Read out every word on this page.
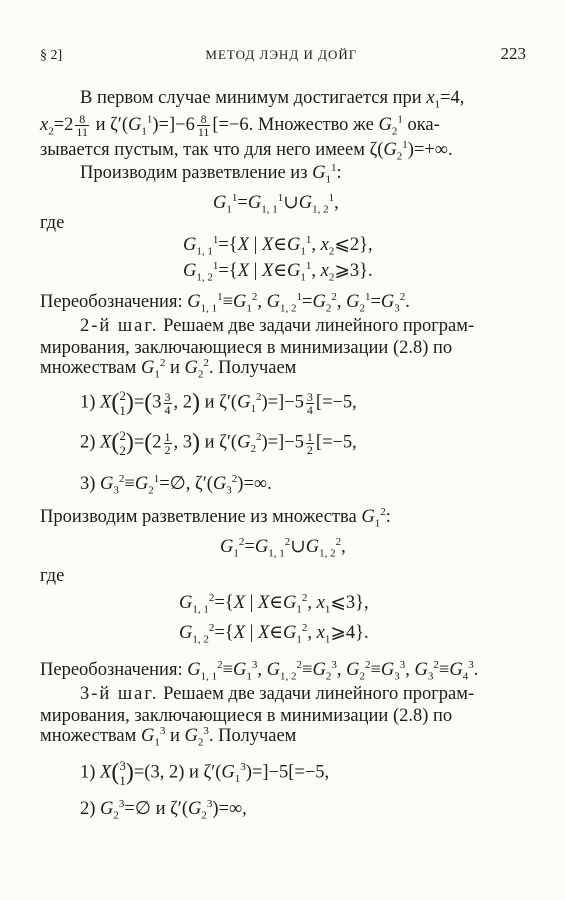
§ 2]	МЕТОД ЛЭНД И ДОЙГ	223
В первом случае минимум достигается при $x_1=4$,
$x_2=2 \frac{8}{11}$ и $\zeta'(G_1^1)=]-6 \frac{8}{11} [=-6$. Множество же $G_2^1$ ока-
зывается пустым, так что для него имеем $\zeta(G_2^1)=+\infty$.
Производим разветвление из $G_1^1$:
$G_1^1=G_{1, 1}^1\cup G_{1, 2}^1$,
где
$G_{1, 1}^1=\{X$ | $X\in G_1^1$, $x_2⩽2$},
$G_{1, 2}^1=\{X$ | $X\in G_1^1$, $x_2⩾3$}.
Переобозначения: $G_{1, 1}^1\equiv G_1^2$, $G_{1, 2}^1=G_2^2$, $G_2^1=G_3^2$.
2-й шаг. Решаем две задачи линейного програм-
мирования, заключающиеся в минимизации (2.8) по
множествам $G_1^2$ и $G_2^2$. Получаем
1) X(2
$1)=(3 \frac{3}{4}$ , 2) и $\zeta'(G_1^2)=]-5 \frac{3}{4} [=-5$,
2) X(2
$2)=(2 \frac{1}{2}$ , 3) и $\zeta'(G_2^2)=]-5 \frac{1}{2} [=-5$,
3) $G_3^2\equiv G_2^1=\emptyset$, $\zeta'(G_3^2)=\infty$.
Производим разветвление из множества $G_1^2$:
$G_1^2=G_{1, 1}^2\cup G_{1, 2}^2$,
где
$G_{1, 1}^2=\{X$ | $X\in G_1^2$, $x_1⩽3$},
$G_{1, 2}^2=\{X$ | $X\in G_1^2$, $x_1⩾4$}.
Переобозначения: $G_{1, 1}^2\equiv G_1^3$, $G_{1, 2}^2\equiv G_2^3$, $G_2^2\equiv G_3^3$, $G_3^2\equiv G_4^3$.
3-й шаг. Решаем две задачи линейного програм-
мирования, заключающиеся в минимизации (2.8) по
множествам $G_1^3$ и $G_2^3$. Получаем
1) X(3
1)=(3, 2) и $\zeta'(G_1^3)=]-5[=-5$,
2) $G_2^3=\emptyset$ и $\zeta'(G_2^3)=\infty$,
